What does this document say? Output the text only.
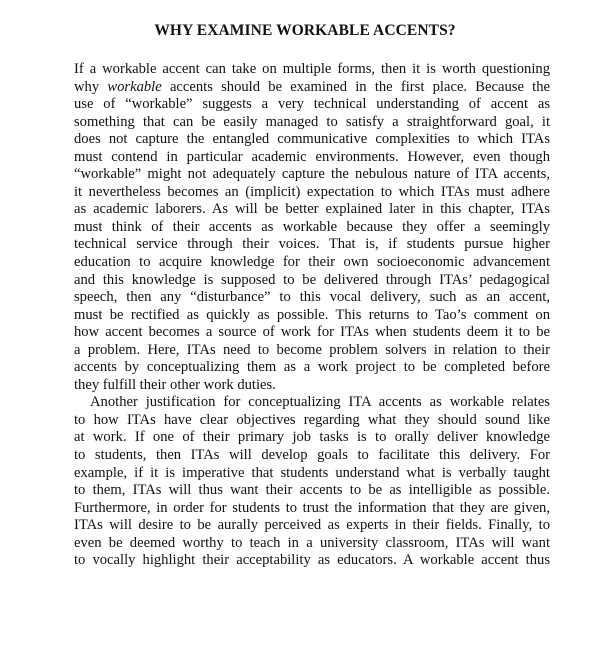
WHY EXAMINE WORKABLE ACCENTS?
If a workable accent can take on multiple forms, then it is worth questioning
why workable accents should be examined in the first place. Because the
use of “workable” suggests a very technical understanding of accent as
something that can be easily managed to satisfy a straightforward goal, it
does not capture the entangled communicative complexities to which ITAs
must contend in particular academic environments. However, even though
“workable” might not adequately capture the nebulous nature of ITA accents,
it nevertheless becomes an (implicit) expectation to which ITAs must adhere
as academic laborers. As will be better explained later in this chapter, ITAs
must think of their accents as workable because they offer a seemingly
technical service through their voices. That is, if students pursue higher
education to acquire knowledge for their own socioeconomic advancement
and this knowledge is supposed to be delivered through ITAs’ pedagogical
speech, then any “disturbance” to this vocal delivery, such as an accent,
must be rectified as quickly as possible. This returns to Tao’s comment on
how accent becomes a source of work for ITAs when students deem it to be
a problem. Here, ITAs need to become problem solvers in relation to their
accents by conceptualizing them as a work project to be completed before
they fulfill their other work duties.
Another justification for conceptualizing ITA accents as workable relates
to how ITAs have clear objectives regarding what they should sound like
at work. If one of their primary job tasks is to orally deliver knowledge
to students, then ITAs will develop goals to facilitate this delivery. For
example, if it is imperative that students understand what is verbally taught
to them, ITAs will thus want their accents to be as intelligible as possible.
Furthermore, in order for students to trust the information that they are given,
ITAs will desire to be aurally perceived as experts in their fields. Finally, to
even be deemed worthy to teach in a university classroom, ITAs will want
to vocally highlight their acceptability as educators. A workable accent thus
